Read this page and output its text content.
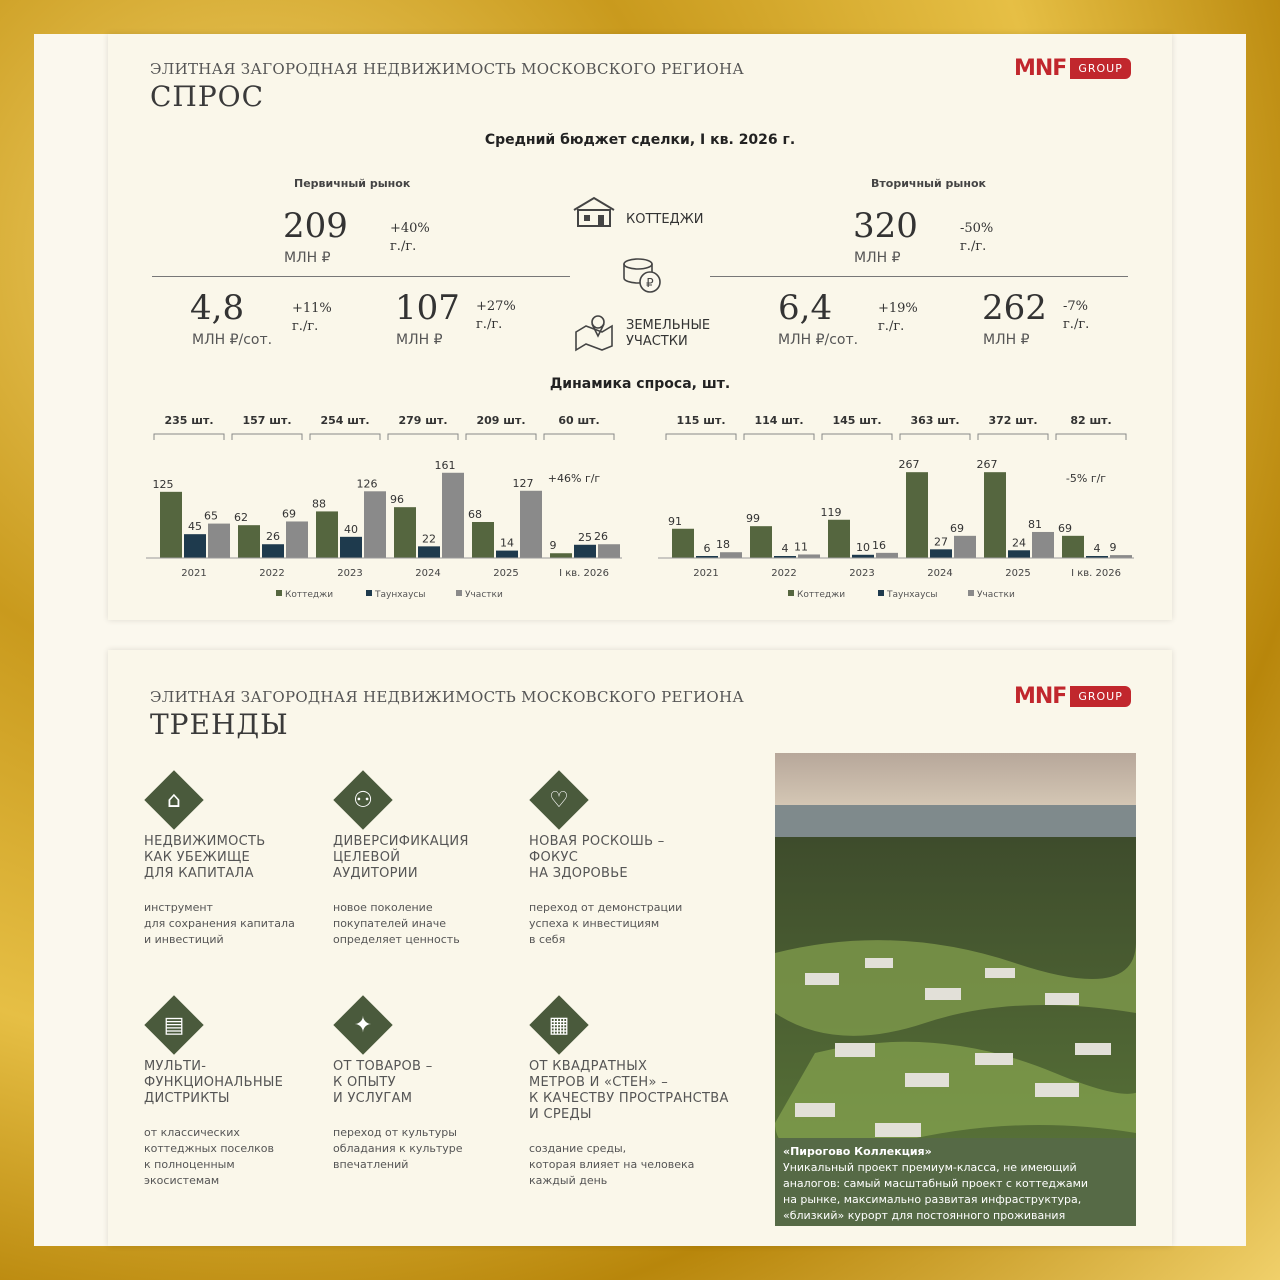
ЭЛИТНАЯ ЗАГОРОДНАЯ НЕДВИЖИМОСТЬ МОСКОВСКОГО РЕГИОНА
СПРОС
MNF	GROUP
Средний бюджет сделки, I кв. 2026 г.
Первичный рынок
209
МЛН ₽
+40%
г./г.
4,8
МЛН ₽/сот.
+11%
г./г.	107
МЛН ₽
+27%
г./г.
КОТТЕДЖИ
₽
ЗЕМЕЛЬНЫЕ
УЧАСТКИ
Вторичный рынок
320
МЛН ₽
-50%
г./г.
6,4
МЛН ₽/сот.
+19%
г./г.	262
МЛН ₽
-7%
г./г.
Динамика спроса, шт.
235 шт.
125
45
65
2021
157 шт.
62
26
69
2022
254 шт.
88
40
126
2023
279 шт.
96
22
161
2024
209 шт.
68
14
127
2025
60 шт.
9
25 26
I кв. 2026
+46% г/г
Коттеджи	Таунхаусы	Участки
115 шт.
91
6 18
2021
114 шт.
99
4 11
2022
145 шт.
119
10 16
2023
363 шт.
267
27
69
2024
372 шт.
267
24
81
2025
82 шт.
69
4 9
I кв. 2026
-5% г/г
Коттеджи	Таунхаусы	Участки
ЭЛИТНАЯ ЗАГОРОДНАЯ НЕДВИЖИМОСТЬ МОСКОВСКОГО РЕГИОНА
ТРЕНДЫ
MNF	GROUP
⌂
НЕДВИЖИМОСТЬ
КАК УБЕЖИЩЕ
ДЛЯ КАПИТАЛА
инструмент
для сохранения капитала
и инвестиций
⚇
ДИВЕРСИФИКАЦИЯ
ЦЕЛЕВОЙ
АУДИТОРИИ
новое поколение
покупателей иначе
определяет ценность
♡
НОВАЯ РОСКОШЬ –
ФОКУС
НА ЗДОРОВЬЕ
переход от демонстрации
успеха к инвестициям
в себя
▤
МУЛЬТИ-
ФУНКЦИОНАЛЬНЫЕ
ДИСТРИКТЫ
от классических
коттеджных поселков
к полноценным
экосистемам
✦
ОТ ТОВАРОВ –
К ОПЫТУ
И УСЛУГАМ
переход от культуры
обладания к культуре
впечатлений
▦
ОТ КВАДРАТНЫХ
МЕТРОВ И «СТЕН» –
К КАЧЕСТВУ ПРОСТРАНСТВА
И СРЕДЫ
создание среды,
которая влияет на человека
каждый день
«Пирогово Коллекция»
Уникальный проект премиум-класса, не имеющий
аналогов: самый масштабный проект с коттеджами
на рынке, максимально развитая инфраструктура,
«близкий» курорт для постоянного проживания
